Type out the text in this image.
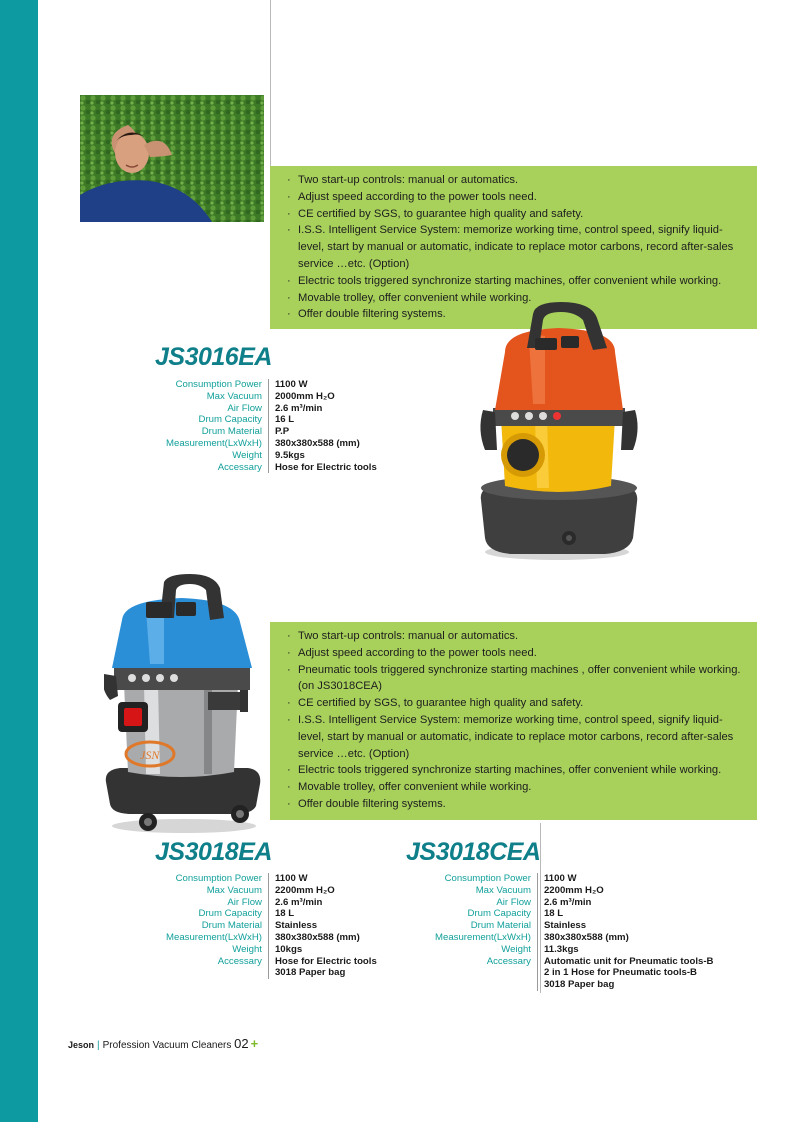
· Two start-up controls: manual or automatics.
· Adjust speed according to the power tools need.
· CE certified by SGS, to guarantee high quality and safety.
· I.S.S. Intelligent Service System: memorize working time, control speed, signify liquid-level, start by manual or automatic, indicate to replace motor carbons, record after-sales service …etc. (Option)
· Electric tools triggered synchronize starting machines, offer convenient while working.
· Movable trolley, offer convenient while working.
· Offer double filtering systems.
JS3016EA
Consumption Power	1100 W
Max Vacuum	2000mm H₂O
Air Flow	2.6 m³/min
Drum Capacity	16 L
Drum Material	P.P
Measurement(LxWxH)	380x380x588 (mm)
Weight	9.5kgs
Accessary	Hose for Electric tools
JSN
· Two start-up controls: manual or automatics.
· Adjust speed according to the power tools need.
· Pneumatic tools triggered synchronize starting machines , offer convenient while working.(on JS3018CEA)
· CE certified by SGS, to guarantee high quality and safety.
· I.S.S. Intelligent Service System: memorize working time, control speed, signify liquid-level, start by manual or automatic, indicate to replace motor carbons, record after-sales service …etc. (Option)
· Electric tools triggered synchronize starting machines, offer convenient while working.
· Movable trolley, offer convenient while working.
· Offer double filtering systems.
JS3018EA
Consumption Power	1100 W
Max Vacuum	2200mm H₂O
Air Flow	2.6 m³/min
Drum Capacity	18 L
Drum Material	Stainless
Measurement(LxWxH)	380x380x588 (mm)
Weight	10kgs
Accessary	Hose for Electric tools
	3018 Paper bag
JS3018CEA
Consumption Power	1100 W
Max Vacuum	2200mm H₂O
Air Flow	2.6 m³/min
Drum Capacity	18 L
Drum Material	Stainless
Measurement(LxWxH)	380x380x588 (mm)
Weight	11.3kgs
Accessary	Automatic unit for Pneumatic tools-B
	2 in 1 Hose for Pneumatic tools-B
	3018 Paper bag
Jeson | Profession Vacuum Cleaners 02 +
